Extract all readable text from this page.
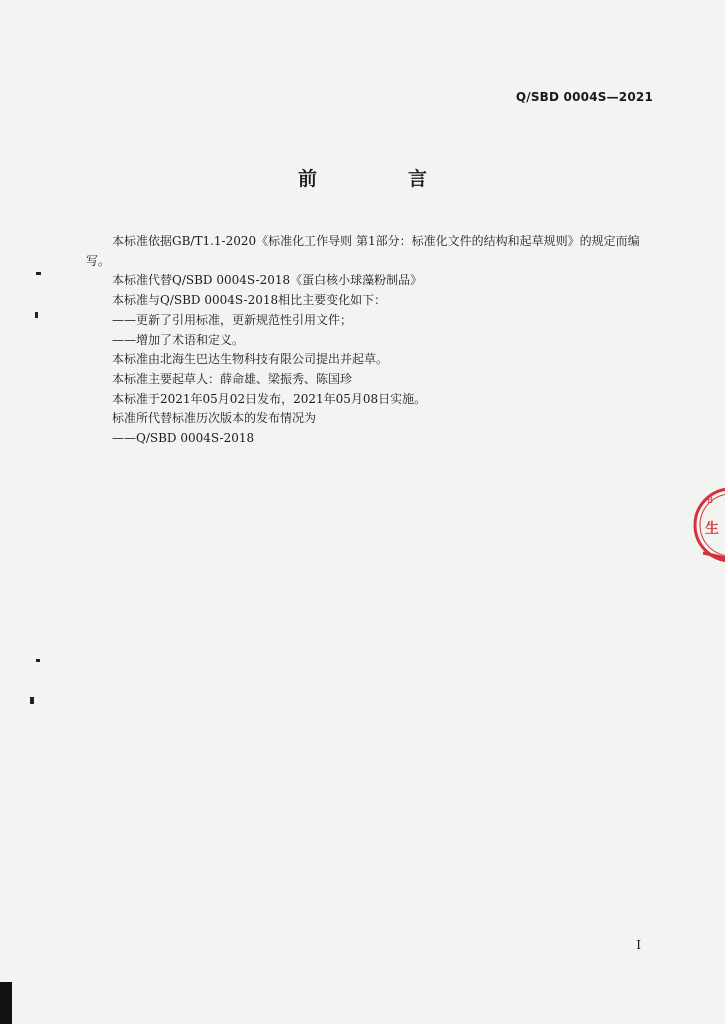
Q/SBD 0004S—2021
前　言

本标准依据GB/T1.1-2020《标准化工作导则 第1部分：标准化文件的结构和起草规则》的规定而编写。

本标准代替Q/SBD 0004S-2018《蛋白核小球藻粉制品》

本标准与Q/SBD 0004S-2018相比主要变化如下：

——更新了引用标准，更新规范性引用文件；

——增加了术语和定义。

本标准由北海生巴达生物科技有限公司提出并起草。

本标准主要起草人：薛命雄、梁振秀、陈国珍

本标准于2021年05月02日发布，2021年05月08日实施。

标准所代替标准历次版本的发布情况为

——Q/SBD 0004S-2018

I
生
B
